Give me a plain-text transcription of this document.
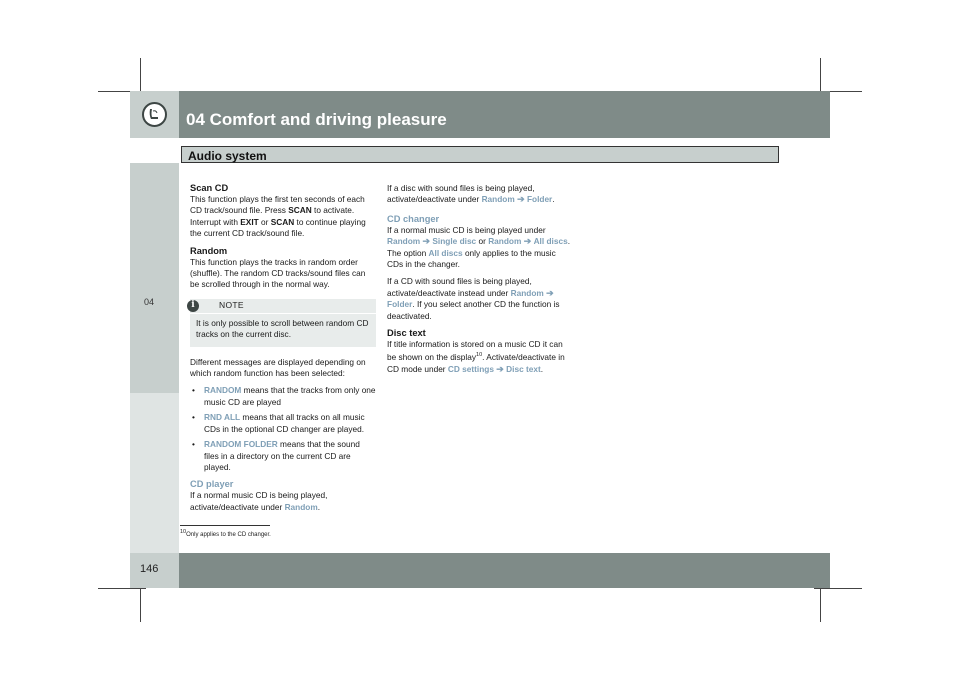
04 Comfort and driving pleasure
Audio system
04
146
Scan CD

This function plays the first ten seconds of each CD track/sound file. Press SCAN to activate. Interrupt with EXIT or SCAN to continue playing the current CD track/sound file.

Random

This function plays the tracks in random order (shuffle). The random CD tracks/sound files can be scrolled through in the normal way.

i	NOTE
It is only possible to scroll between random CD tracks on the current disc.

Different messages are displayed depending on which random function has been selected:

• RANDOM means that the tracks from only one music CD are played
• RND ALL means that all tracks on all music CDs in the optional CD changer are played.
• RANDOM FOLDER means that the sound files in a directory on the current CD are played.
CD player

If a normal music CD is being played, activate/deactivate under Random.

If a disc with sound files is being played, activate/deactivate under Random ➔ Folder.

CD changer

If a normal music CD is being played under Random ➔ Single disc or Random ➔ All discs. The option All discs only applies to the music CDs in the changer.

If a CD with sound files is being played, activate/deactivate instead under Random ➔ Folder. If you select another CD the function is deactivated.

Disc text

If title information is stored on a music CD it can be shown on the display$^{10}$. Activate/deactivate in CD mode under CD settings ➔ Disc text.

$^{10}$Only applies to the CD changer.
